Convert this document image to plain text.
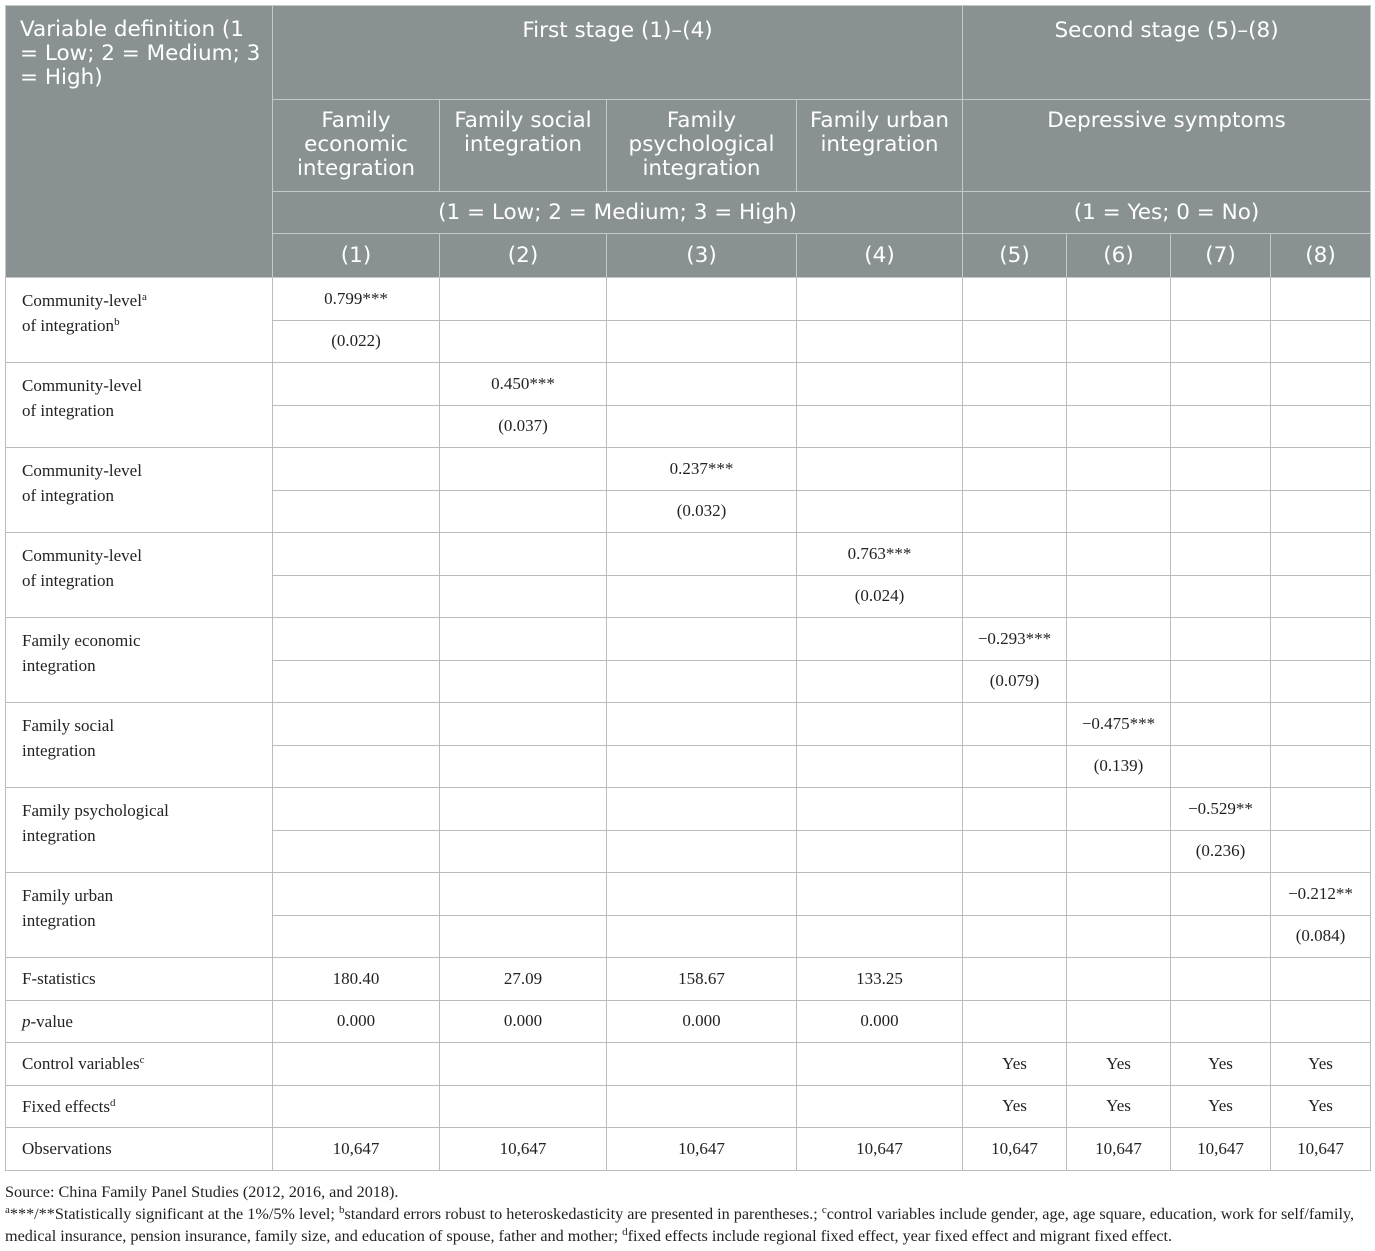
Variable definition (1 = Low; 2 = Medium; 3 = High)	First stage (1)–(4)				Second stage (5)–(8)			
	Family economic integration	Family social integration	Family psychological integration	Family urban integration	Depressive symptoms			
	(1 = Low; 2 = Medium; 3 = High)				(1 = Yes; 0 = No)			
	(1)	(2)	(3)	(4)	(5)	(6)	(7)	(8)
Community-level$^a$
of integration$^b$	0.799***							
	(0.022)							
Community-level
of integration		0.450***						
		(0.037)						
Community-level
of integration			0.237***					
			(0.032)					
Community-level
of integration				0.763***				
				(0.024)				
Family economic
integration					−0.293***			
					(0.079)			
Family social
integration						−0.475***		
						(0.139)		
Family psychological
integration							−0.529**	
							(0.236)	
Family urban
integration								−0.212**
								(0.084)
F-statistics	180.40	27.09	158.67	133.25				
p-value	0.000	0.000	0.000	0.000				
Control variables$^c$					Yes	Yes	Yes	Yes
Fixed effects$^d$					Yes	Yes	Yes	Yes
Observations	10,647	10,647	10,647	10,647	10,647	10,647	10,647	10,647

Source: China Family Panel Studies (2012, 2016, and 2018).

$^a$***/**Statistically significant at the 1%/5% level; $^b$standard errors robust to heteroskedasticity are presented in parentheses.; $^c$control variables include gender, age, age square, education, work for self/family, medical insurance, pension insurance, family size, and education of spouse, father and mother; $^d$fixed effects include regional fixed effect, year fixed effect and migrant fixed effect.
